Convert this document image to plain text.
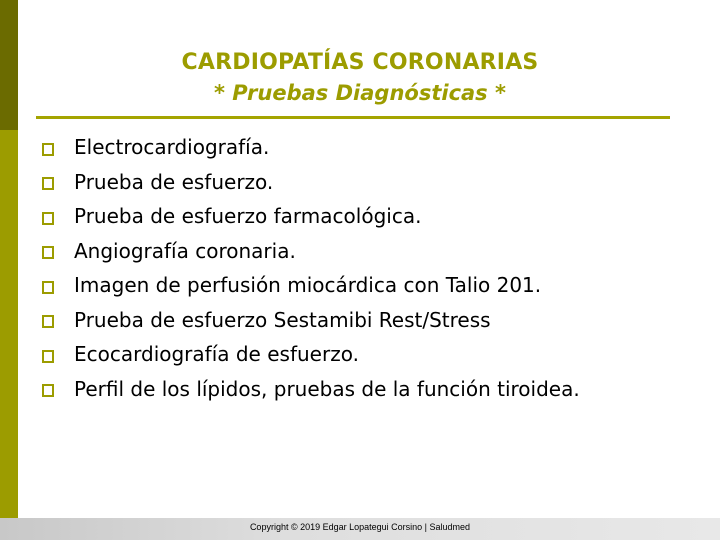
CARDIOPATÍAS CORONARIAS
* Pruebas Diagnósticas *
Electrocardiografía.
Prueba de esfuerzo.
Prueba de esfuerzo farmacológica.
Angiografía coronaria.
Imagen de perfusión miocárdica con Talio 201.
Prueba de esfuerzo Sestamibi Rest/Stress
Ecocardiografía de esfuerzo.
Perfil de los lípidos, pruebas de la función tiroidea.
Copyright © 2019 Edgar Lopategui Corsino | Saludmed
